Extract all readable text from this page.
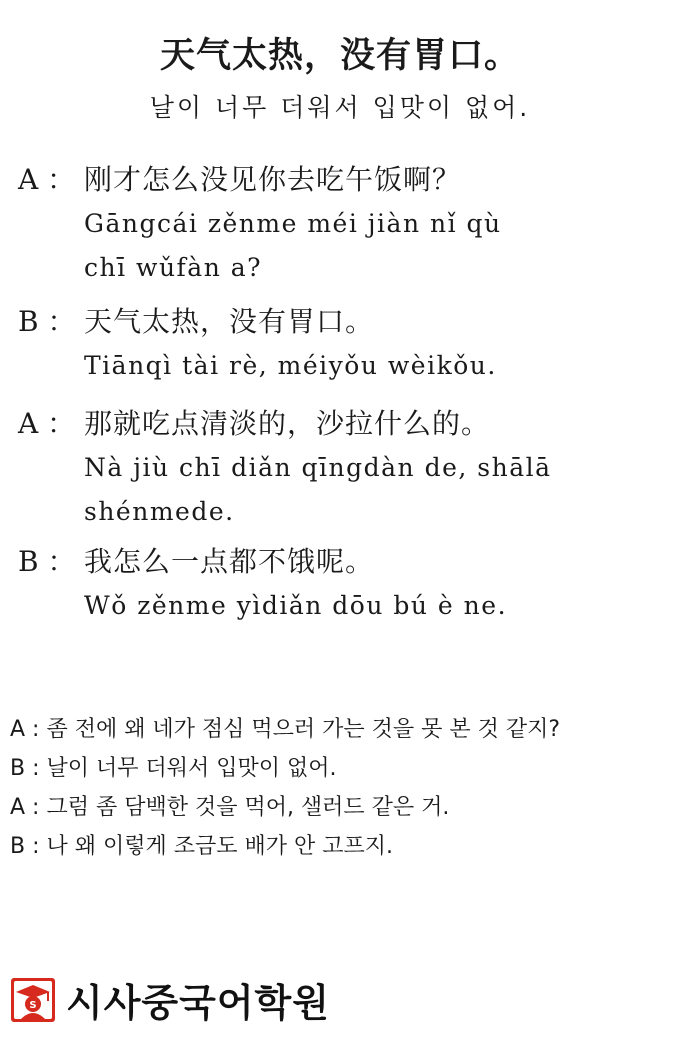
天气太热，没有胃口。
날이 너무 더워서 입맛이 없어.
A ： 刚才怎么没见你去吃午饭啊？
Gāngcái zěnme méi jiàn nǐ qù
chī wǔfàn a?
B ： 天气太热，没有胃口。
Tiānqì tài rè, méiyǒu wèikǒu.
A ： 那就吃点清淡的，沙拉什么的。
Nà jiù chī diǎn qīngdàn de, shālā
shénmede.
B ： 我怎么一点都不饿呢。
Wǒ zěnme yìdiǎn dōu bú è ne.
A : 좀 전에 왜 네가 점심 먹으러 가는 것을 못 본 것 같지?
B : 날이 너무 더워서 입맛이 없어.
A : 그럼 좀 담백한 것을 먹어, 샐러드 같은 거.
B : 나 왜 이렇게 조금도 배가 안 고프지.
S 시사중국어학원
